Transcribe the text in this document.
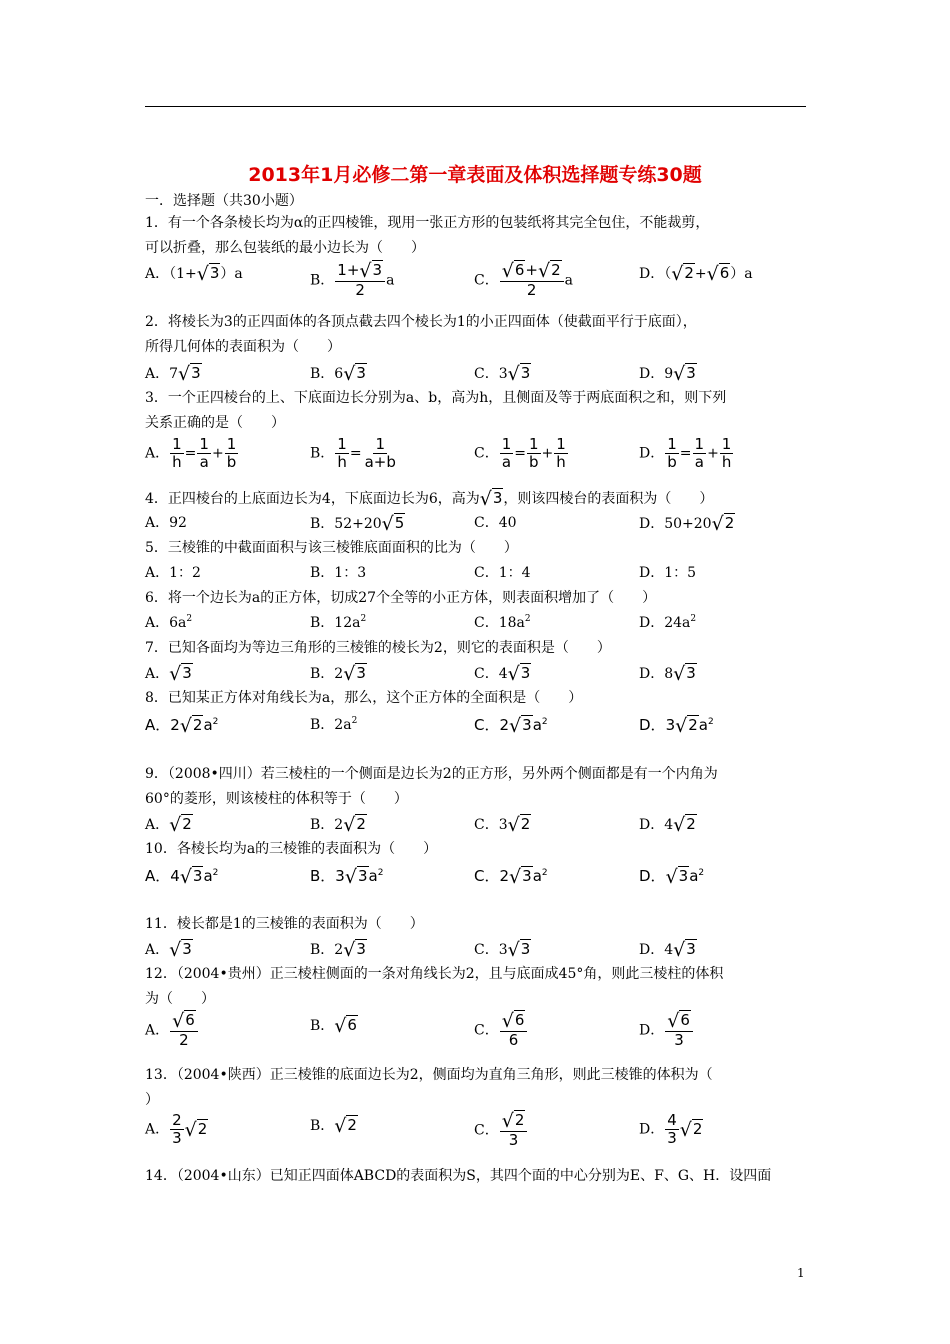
2013年1月必修二第一章表面及体积选择题专练30题
一．选择题（共30小题）
1．有一个各条棱长均为α的正四棱锥，现用一张正方形的包装纸将其完全包住，不能裁剪，
可以折叠，那么包装纸的最小边长为（　　）
A．（1+√3）a	B． $\frac{1+√3}{2}$ a	C． $\frac{√6+√2}{2}$ a	D．（√2+√6）a
2．将棱长为3的正四面体的各顶点截去四个棱长为1的小正四面体（使截面平行于底面），
所得几何体的表面积为（　　）
A．7√3	B．6√3	C．3√3	D．9√3
3．一个正四棱台的上、下底面边长分别为a、b，高为h，且侧面及等于两底面积之和，则下列
关系正确的是（　　）
A． $\frac{1}{h} = \frac{1}{a} + \frac{1}{b}$	B． $\frac{1}{h} = \frac{1}{a+b}$	C． $\frac{1}{a} = \frac{1}{b} + \frac{1}{h}$	D． $\frac{1}{b} = \frac{1}{a} + \frac{1}{h}$
4．正四棱台的上底面边长为4，下底面边长为6，高为√3，则该四棱台的表面积为（　　）
A．92	B．52+20√5	C．40	D．50+20√2
5．三棱锥的中截面面积与该三棱锥底面面积的比为（　　）
A．1：2	B．1：3	C．1：4	D．1：5
6．将一个边长为a的正方体，切成27个全等的小正方体，则表面积增加了（　　）
A．$6a^2$	B．$12a^2$	C．$18a^2$	D．$24a^2$
7．已知各面均为等边三角形的三棱锥的棱长为2，则它的表面积是（　　）
A．√3	B．2√3	C．4√3	D．8√3
8．已知某正方体对角线长为a，那么，这个正方体的全面积是（　　）
A．$2√2a^2$	B．$2a^2$	C．$2√3a^2$	D．$3√2a^2$
9．（2008•四川）若三棱柱的一个侧面是边长为2的正方形，另外两个侧面都是有一个内角为
60°的菱形，则该棱柱的体积等于（　　）
A．√2	B．2√2	C．3√2	D．4√2
10．各棱长均为a的三棱锥的表面积为（　　）
A．$4√3a^2$	B．$3√3a^2$	C．$2√3a^2$	D．$√3a^2$
11．棱长都是1的三棱锥的表面积为（　　）
A．√3	B．2√3	C．3√3	D．4√3
12．（2004•贵州）正三棱柱侧面的一条对角线长为2，且与底面成45°角，则此三棱柱的体积
为（　　）
A． $\frac{√6}{2}$	B．√6	C． $\frac{√6}{6}$	D． $\frac{√6}{3}$
13．（2004•陕西）正三棱锥的底面边长为2，侧面均为直角三角形，则此三棱锥的体积为（
）
A． $\frac{2}{3} √2$	B．√2	C． $\frac{√2}{3}$	D． $\frac{4}{3} √2$
14．（2004•山东）已知正四面体ABCD的表面积为S，其四个面的中心分别为E、F、G、H．设四面
1
